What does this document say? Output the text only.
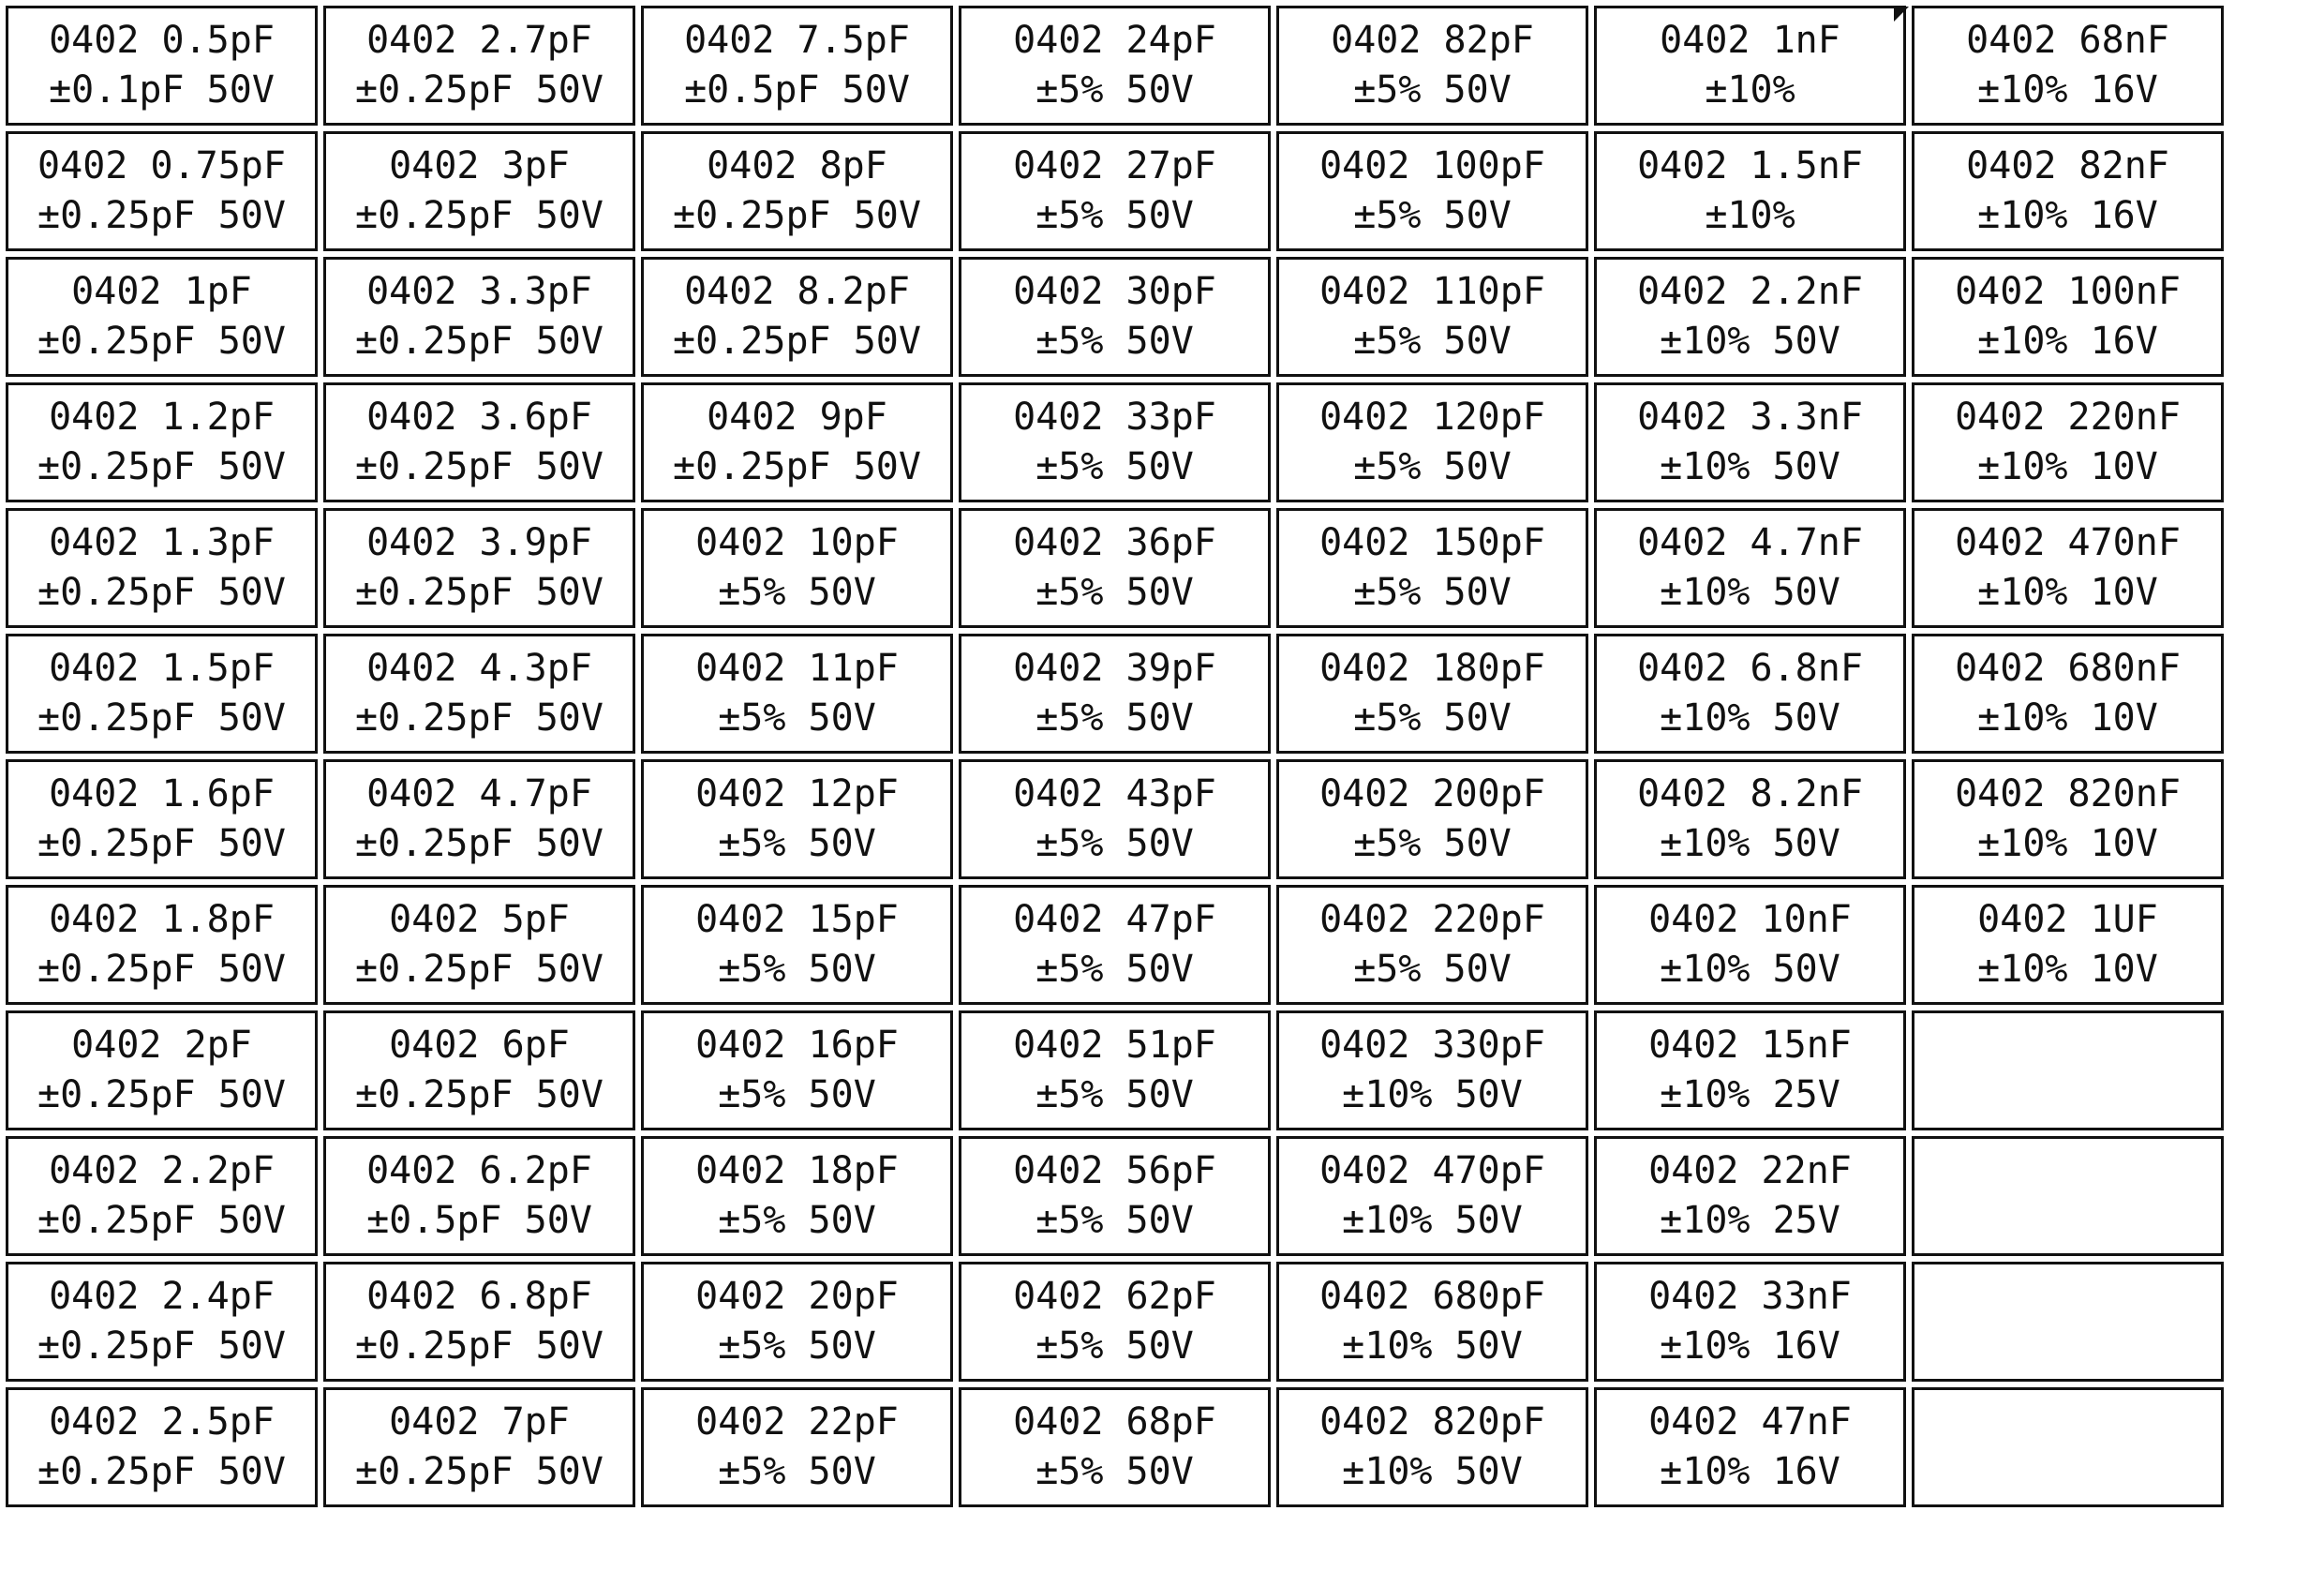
0402 0.5pF
±0.1pF 50V	0402 2.7pF
±0.25pF 50V	0402 7.5pF
±0.5pF 50V	0402 24pF
±5% 50V	0402 82pF
±5% 50V	0402 1nF
±10%	0402 68nF
±10% 16V

0402 0.75pF
±0.25pF 50V	0402 3pF
±0.25pF 50V	0402 8pF
±0.25pF 50V	0402 27pF
±5% 50V	0402 100pF
±5% 50V	0402 1.5nF
±10%	0402 82nF
±10% 16V

0402 1pF
±0.25pF 50V	0402 3.3pF
±0.25pF 50V	0402 8.2pF
±0.25pF 50V	0402 30pF
±5% 50V	0402 110pF
±5% 50V	0402 2.2nF
±10% 50V	0402 100nF
±10% 16V

0402 1.2pF
±0.25pF 50V	0402 3.6pF
±0.25pF 50V	0402 9pF
±0.25pF 50V	0402 33pF
±5% 50V	0402 120pF
±5% 50V	0402 3.3nF
±10% 50V	0402 220nF
±10% 10V

0402 1.3pF
±0.25pF 50V	0402 3.9pF
±0.25pF 50V	0402 10pF
±5% 50V	0402 36pF
±5% 50V	0402 150pF
±5% 50V	0402 4.7nF
±10% 50V	0402 470nF
±10% 10V

0402 1.5pF
±0.25pF 50V	0402 4.3pF
±0.25pF 50V	0402 11pF
±5% 50V	0402 39pF
±5% 50V	0402 180pF
±5% 50V	0402 6.8nF
±10% 50V	0402 680nF
±10% 10V

0402 1.6pF
±0.25pF 50V	0402 4.7pF
±0.25pF 50V	0402 12pF
±5% 50V	0402 43pF
±5% 50V	0402 200pF
±5% 50V	0402 8.2nF
±10% 50V	0402 820nF
±10% 10V

0402 1.8pF
±0.25pF 50V	0402 5pF
±0.25pF 50V	0402 15pF
±5% 50V	0402 47pF
±5% 50V	0402 220pF
±5% 50V	0402 10nF
±10% 50V	0402 1UF
±10% 10V

0402 2pF
±0.25pF 50V	0402 6pF
±0.25pF 50V	0402 16pF
±5% 50V	0402 51pF
±5% 50V	0402 330pF
±10% 50V	0402 15nF
±10% 25V	

0402 2.2pF
±0.25pF 50V	0402 6.2pF
±0.5pF 50V	0402 18pF
±5% 50V	0402 56pF
±5% 50V	0402 470pF
±10% 50V	0402 22nF
±10% 25V	

0402 2.4pF
±0.25pF 50V	0402 6.8pF
±0.25pF 50V	0402 20pF
±5% 50V	0402 62pF
±5% 50V	0402 680pF
±10% 50V	0402 33nF
±10% 16V	

0402 2.5pF
±0.25pF 50V	0402 7pF
±0.25pF 50V	0402 22pF
±5% 50V	0402 68pF
±5% 50V	0402 820pF
±10% 50V	0402 47nF
±10% 16V	
